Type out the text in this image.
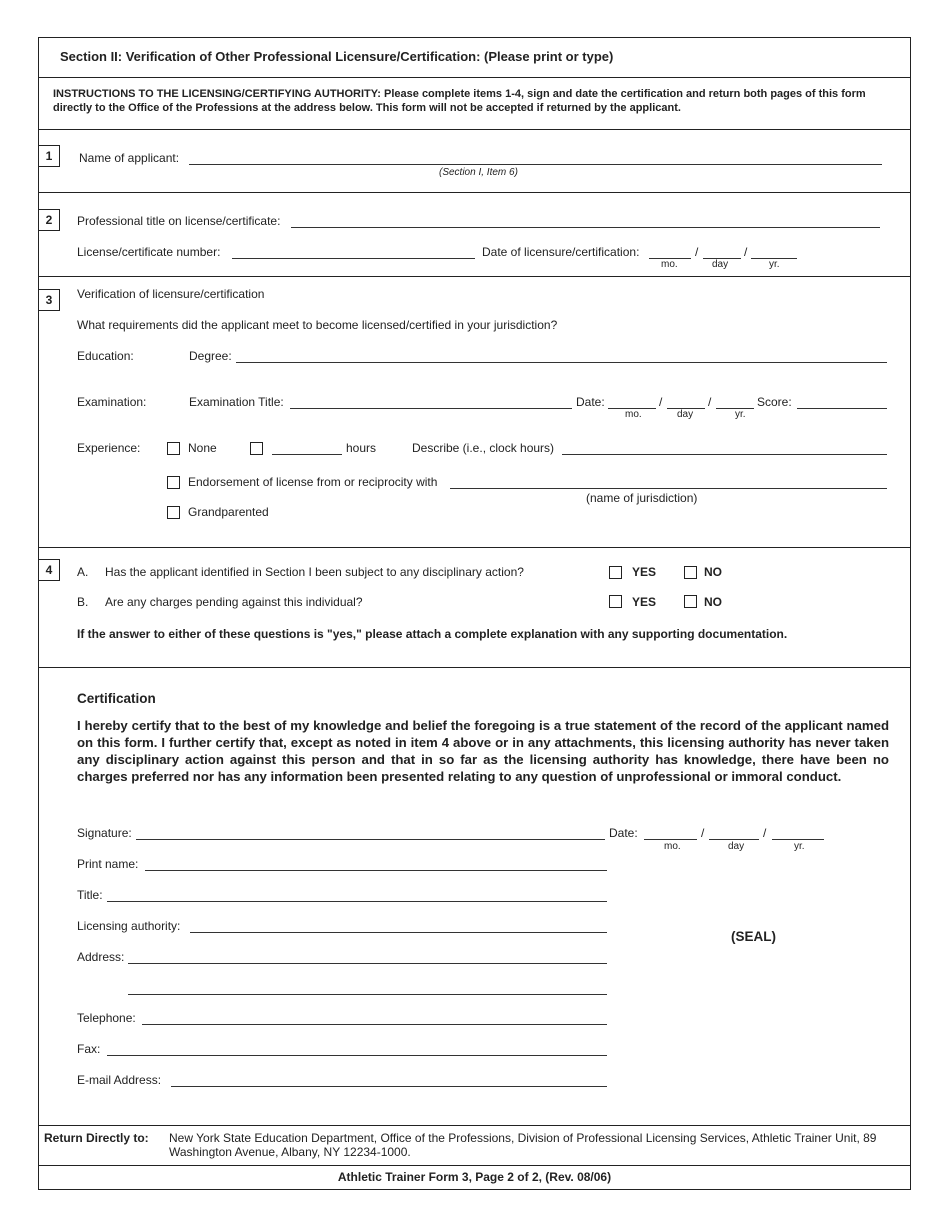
Section II: Verification of Other Professional Licensure/Certification: (Please print or type)
INSTRUCTIONS TO THE LICENSING/CERTIFYING AUTHORITY: Please complete items 1-4, sign and date the certification and return both pages of this form directly to the Office of the Professions at the address below. This form will not be accepted if returned by the applicant.
1	Name of applicant:
(Section I, Item 6)
2	Professional title on license/certificate:
License/certificate number:	Date of licensure/certification:	/	/
mo.	day	yr.
3	Verification of licensure/certification
What requirements did the applicant meet to become licensed/certified in your jurisdiction?
Education:	Degree:
Examination:	Examination Title:	Date:	/	/	Score:
mo.	day	yr.
Experience:	None	hours	Describe (i.e., clock hours)
Endorsement of license from or reciprocity with
(name of jurisdiction)
Grandparented
4	A. Has the applicant identified in Section I been subject to any disciplinary action?	YES	NO
B. Are any charges pending against this individual?	YES	NO
If the answer to either of these questions is "yes," please attach a complete explanation with any supporting documentation.
Certification
I hereby certify that to the best of my knowledge and belief the foregoing is a true statement of the record of the applicant named on this form. I further certify that, except as noted in item 4 above or in any attachments, this licensing authority has never taken any disciplinary action against this person and that in so far as the licensing authority has knowledge, there have been no charges preferred nor has any information been presented relating to any question of unprofessional or immoral conduct.
Signature:	Date:	/	/
mo.	day	yr.
Print name:
Title:
Licensing authority:
(SEAL)
Address:
Telephone:
Fax:
E-mail Address:
Return Directly to: New York State Education Department, Office of the Professions, Division of Professional Licensing Services, Athletic Trainer Unit, 89 Washington Avenue, Albany, NY 12234-1000.
Athletic Trainer Form 3, Page 2 of 2, (Rev. 08/06)
